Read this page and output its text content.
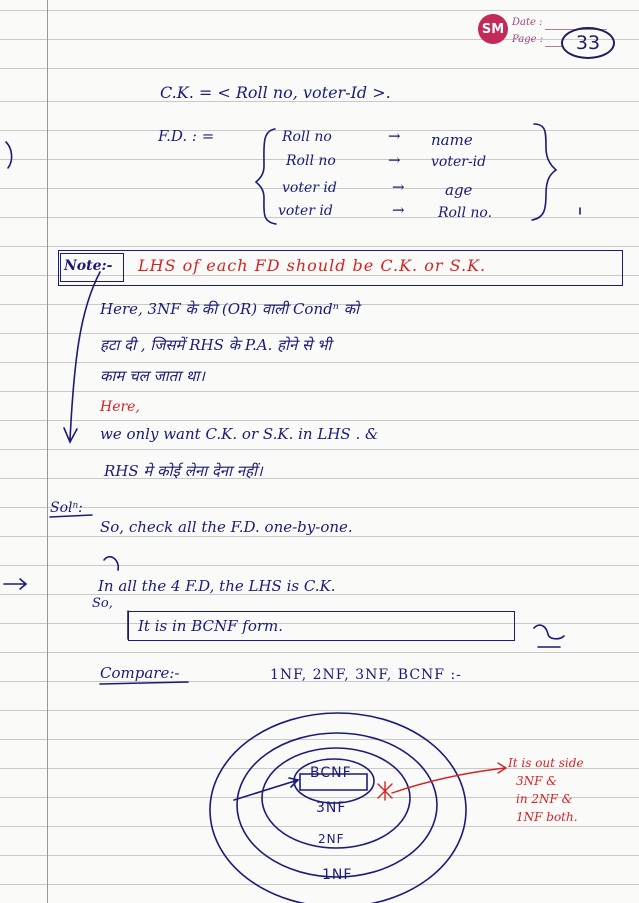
SM Date :
Page :	33
C.K. = < Roll no, voter-Id >.
F.D. : =	Roll no	→ name
Roll no	→ voter-id
voter id	→	age
voter id	→ Roll no.
Note:- LHS of each FD should be C.K. or S.K.
Here, 3NF के की (OR) वाली Condⁿ को
हटा दी , जिसमें RHS के P.A. होने से भी
काम चल जाता था।
Here,
we only want C.K. or S.K. in LHS . &
RHS मे कोई लेना देना नहीं।
Solⁿ:
So, check all the F.D. one-by-one.
In all the 4 F.D, the LHS is C.K.
So,
It is in BCNF form.
Compare:-	1NF, 2NF, 3NF, BCNF :-
BCNF
3NF
2NF
1NF
It is out side
3NF &
in 2NF &
1NF both.
